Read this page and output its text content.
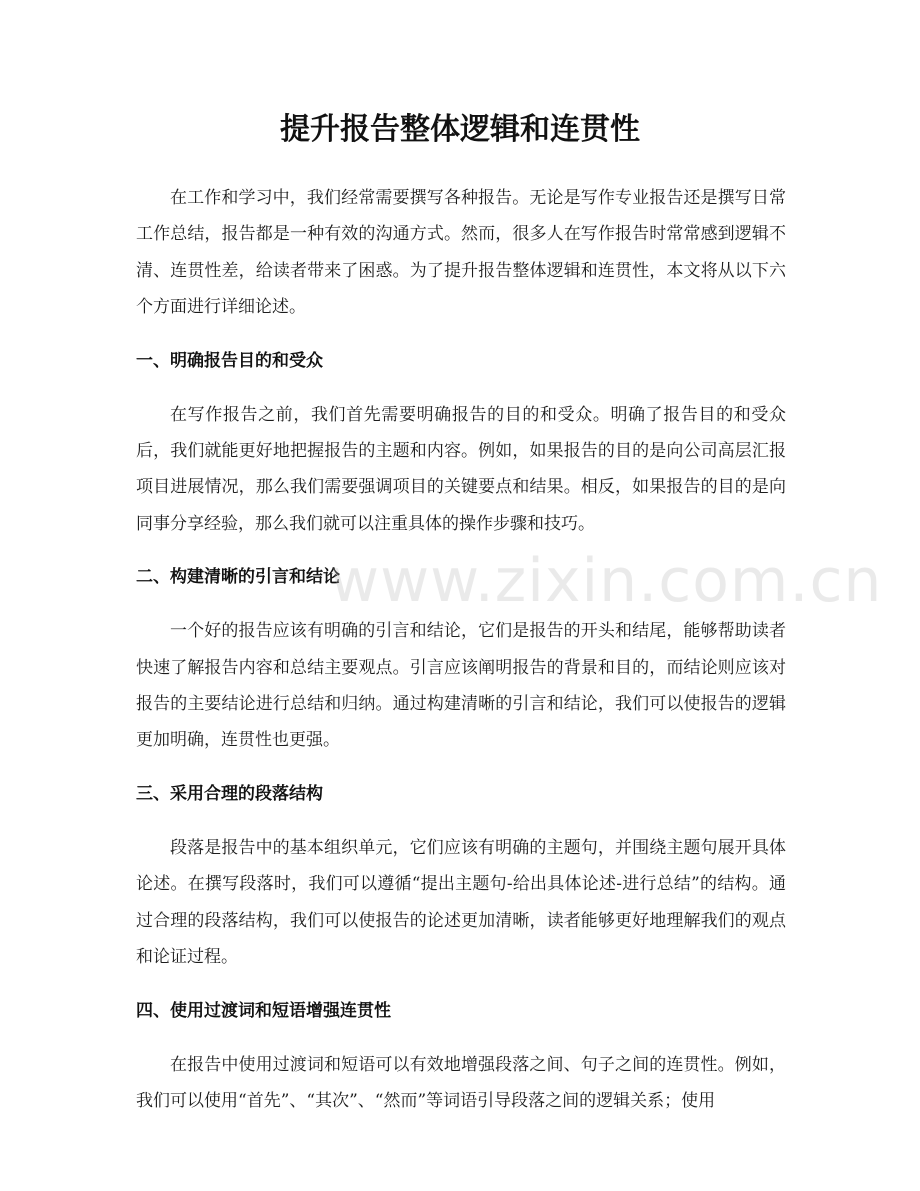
提升报告整体逻辑和连贯性

在工作和学习中，我们经常需要撰写各种报告。无论是写作专业报告还是撰写日常工作总结，报告都是一种有效的沟通方式。然而，很多人在写作报告时常常感到逻辑不清、连贯性差，给读者带来了困惑。为了提升报告整体逻辑和连贯性，本文将从以下六个方面进行详细论述。

一、明确报告目的和受众

在写作报告之前，我们首先需要明确报告的目的和受众。明确了报告目的和受众后，我们就能更好地把握报告的主题和内容。例如，如果报告的目的是向公司高层汇报项目进展情况，那么我们需要强调项目的关键要点和结果。相反，如果报告的目的是向同事分享经验，那么我们就可以注重具体的操作步骤和技巧。

二、构建清晰的引言和结论

一个好的报告应该有明确的引言和结论，它们是报告的开头和结尾，能够帮助读者快速了解报告内容和总结主要观点。引言应该阐明报告的背景和目的，而结论则应该对报告的主要结论进行总结和归纳。通过构建清晰的引言和结论，我们可以使报告的逻辑更加明确，连贯性也更强。

三、采用合理的段落结构

段落是报告中的基本组织单元，它们应该有明确的主题句，并围绕主题句展开具体论述。在撰写段落时，我们可以遵循“提出主题句-给出具体论述-进行总结”的结构。通过合理的段落结构，我们可以使报告的论述更加清晰，读者能够更好地理解我们的观点和论证过程。

四、使用过渡词和短语增强连贯性

在报告中使用过渡词和短语可以有效地增强段落之间、句子之间的连贯性。例如，我们可以使用“首先”、“其次”、“然而”等词语引导段落之间的逻辑关系；使用

www.zixin.com.cn
